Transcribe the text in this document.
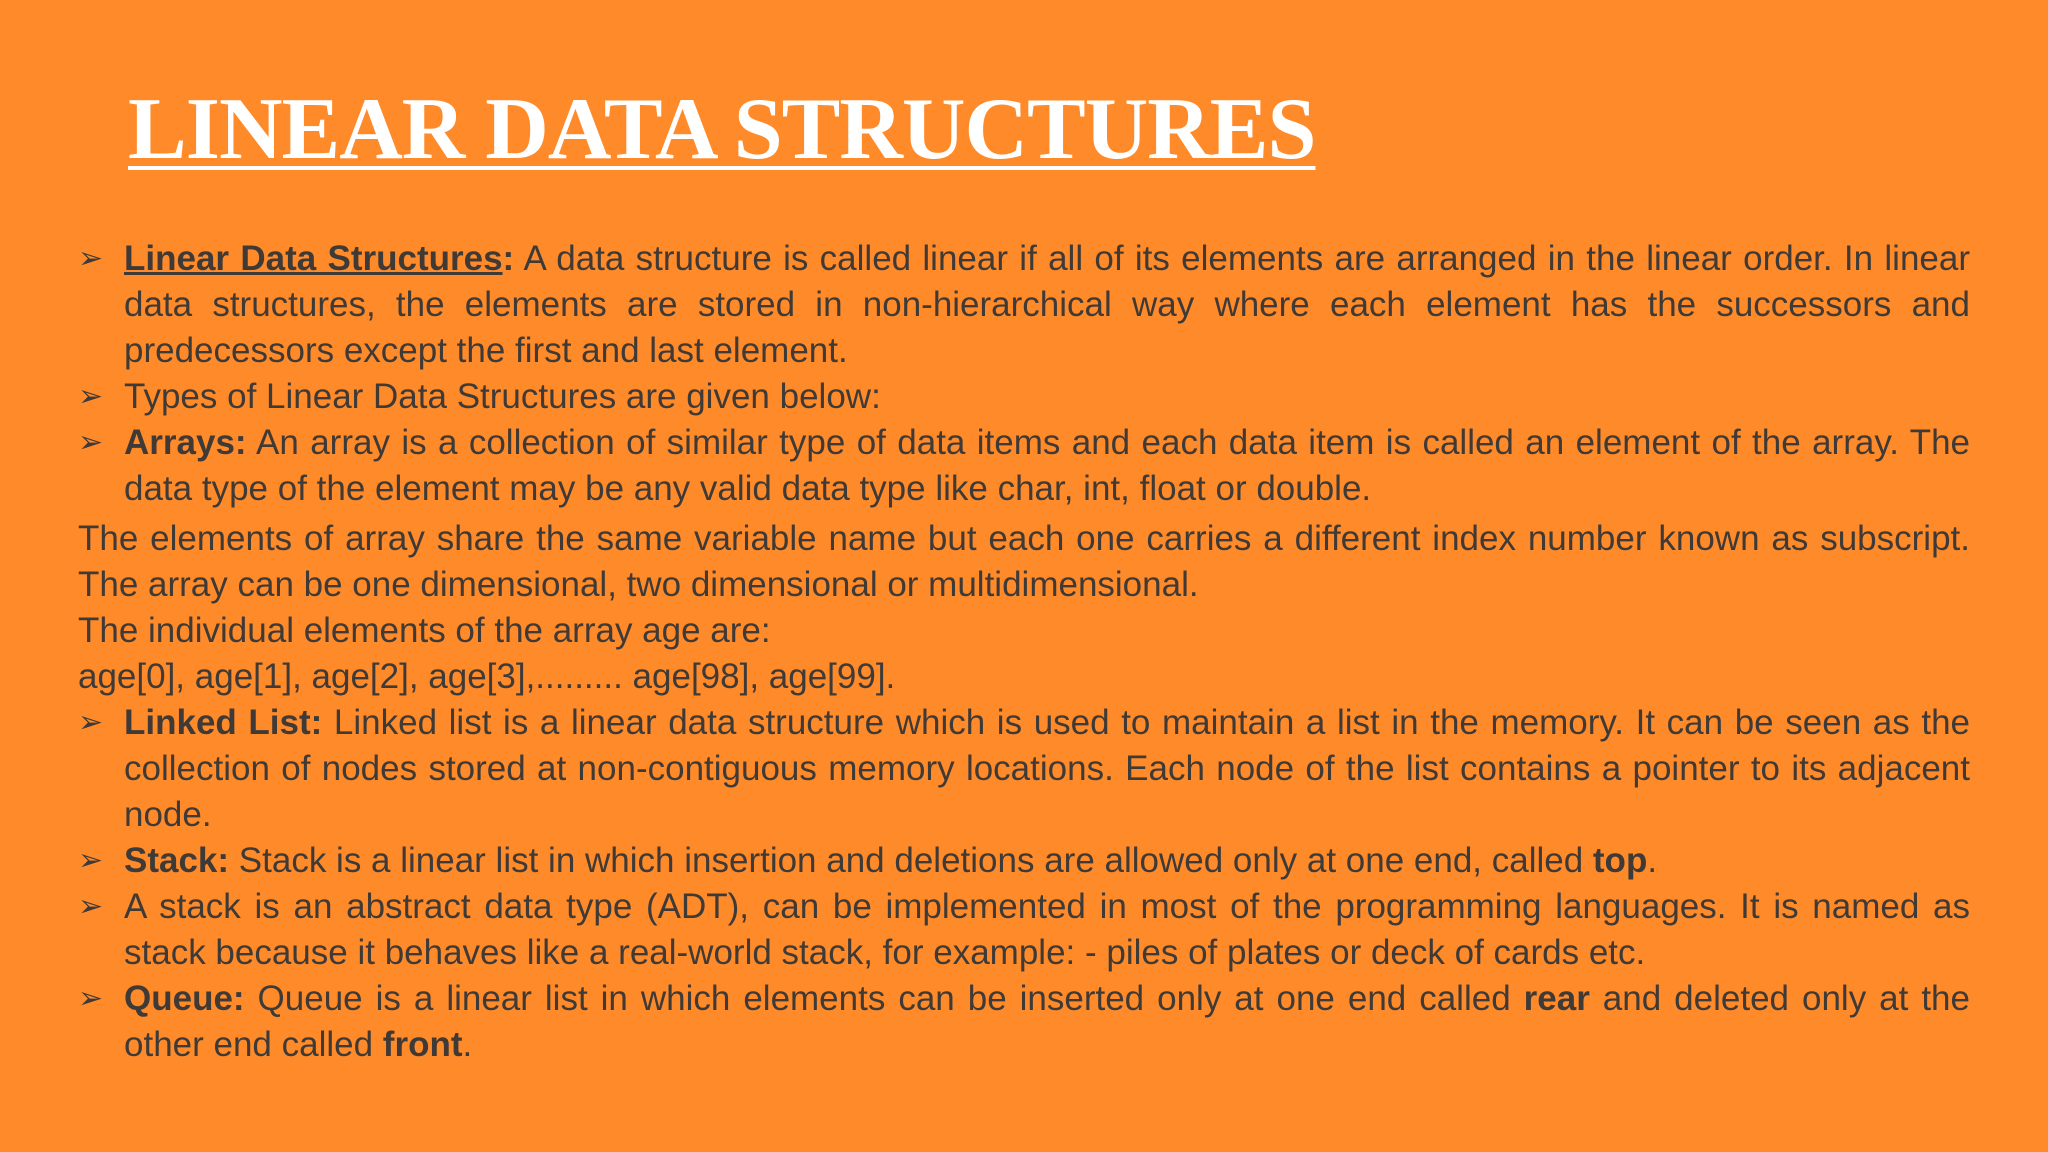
LINEAR DATA STRUCTURES

➢ Linear Data Structures: A data structure is called linear if all of its elements are arranged in the linear order. In linear data structures, the elements are stored in non-hierarchical way where each element has the successors and predecessors except the first and last element.

➢ Types of Linear Data Structures are given below:

➢ Arrays: An array is a collection of similar type of data items and each data item is called an element of the array. The data type of the element may be any valid data type like char, int, float or double.

The elements of array share the same variable name but each one carries a different index number known as subscript. The array can be one dimensional, two dimensional or multidimensional.

The individual elements of the array age are:

age[0], age[1], age[2], age[3],......... age[98], age[99].

➢ Linked List: Linked list is a linear data structure which is used to maintain a list in the memory. It can be seen as the collection of nodes stored at non-contiguous memory locations. Each node of the list contains a pointer to its adjacent node.

➢ Stack: Stack is a linear list in which insertion and deletions are allowed only at one end, called top.

➢ A stack is an abstract data type (ADT), can be implemented in most of the programming languages. It is named as stack because it behaves like a real-world stack, for example: - piles of plates or deck of cards etc.

➢ Queue: Queue is a linear list in which elements can be inserted only at one end called rear and deleted only at the other end called front.
